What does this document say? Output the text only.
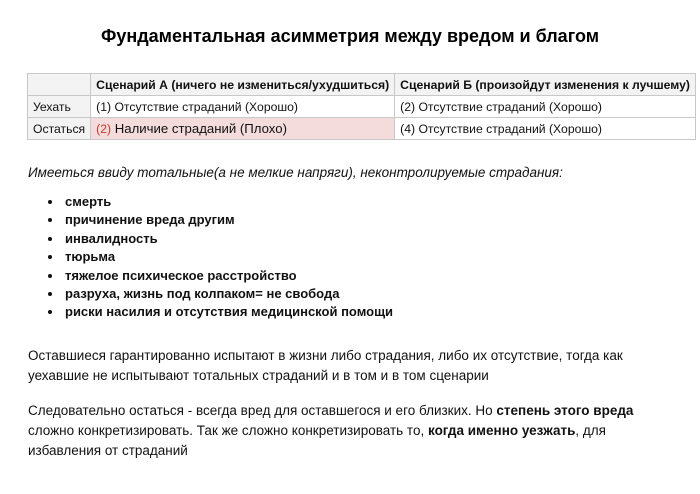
Фундаментальная асимметрия между вредом и благом
	Сценарий А (ничего не измениться/ухудшиться)	Сценарий Б (произойдут изменения к лучшему)
Уехать	(1) Отсутствие страданий (Хорошо)	(2) Отсутствие страданий (Хорошо)
Остаться	(2) Наличие страданий (Плохо)	(4) Отсутствие страданий (Хорошо)
Имееться ввиду тотальные(а не мелкие напряги), неконтролируемые страдания:
• смерть
• причинение вреда другим
• инвалидность
• тюрьма
• тяжелое психическое расстройство
• разруха, жизнь под колпаком= не свобода
• риски насилия и отсутствия медицинской помощи

Оставшиеся гарантированно испытают в жизни либо страдания, либо их отсутствие, тогда как уехавшие не испытывают тотальных страданий и в том и в том сценарии

Следовательно остаться - всегда вред для оставшегося и его близких. Но степень этого вреда сложно конкретизировать. Так же сложно конкретизировать то, когда именно уезжать, для избавления от страданий
